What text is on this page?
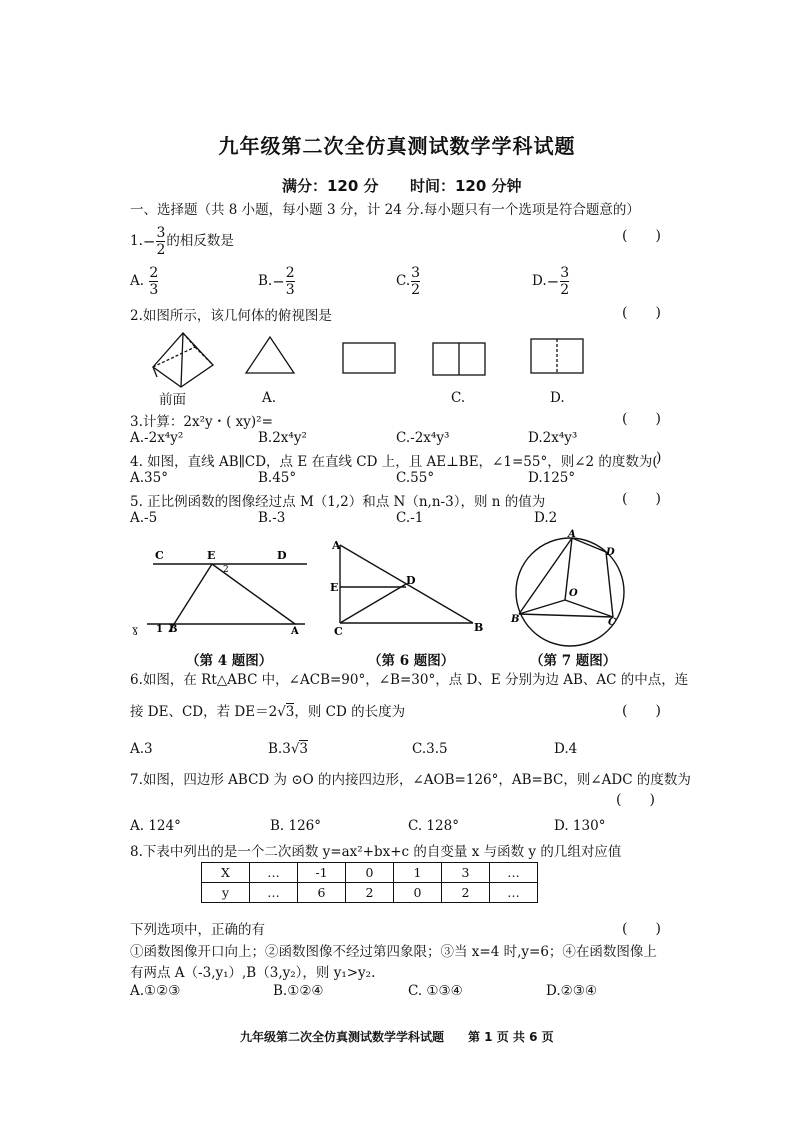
九年级第二次全仿真测试数学学科试题
满分：120 分 时间：120 分钟
一、选择题（共 8 小题，每小题 3 分，计 24 分.每小题只有一个选项是符合题意的）
$1.- \frac{3}{2}$ 的相反数是	(　　)
A. $\frac{2}{3}$	$B.- \frac{2}{3}$	C. $\frac{3}{2}$	$D.- \frac{3}{2}$
2.如图所示，该几何体的俯视图是	(　　)
前面	A.	C.	D.
3.计算：2x²y・( xy)²=	(　　)
A.-2x⁴y²	B.2x⁴y²	C.-2x⁴y³	D.2x⁴y³
4. 如图，直线 AB∥CD，点 E 在直线 CD 上，且 AE⊥BE，∠1=55°，则∠2 的度数为(
)
A.35°	B.45°	C.55°	D.125°
5. 正比例函数的图像经过点 M（1,2）和点 N（n,n-3），则 n 的值为	(　　)
A.-5	B.-3	C.-1	D.2
C	E	D
2
1 B	A
ɣ
（第 4 题图）
A
E
D
C	B
（第 6 题图）
A
D
O
B	C
（第 7 题图）
6.如图，在 Rt△ABC 中，∠ACB=90°，∠B=30°，点 D、E 分别为边 AB、AC 的中点，连
接 DE、CD，若 DE＝2√3，则 CD 的长度为	(　　)
A.3	B.3√3	C.3.5	D.4
7.如图，四边形 ABCD 为 ⊙O 的内接四边形，∠AOB=126°，AB=BC，则∠ADC 的度数为
(　　)
A. 124°	B. 126°	C. 128°	D. 130°
8.下表中列出的是一个二次函数 y=ax²+bx+c 的自变量 x 与函数 y 的几组对应值
X	…	-1	0	1	3	…
y	…	6	2	0	2	…
下列选项中，正确的有	(　　)
①函数图像开口向上；②函数图像不经过第四象限；③当 x=4 时,y=6；④在函数图像上
有两点 A（-3,y₁）,B（3,y₂），则 y₁>y₂.
A.①②③	B.①②④	C. ①③④	D.②③④
九年级第二次全仿真测试数学学科试题　　第 1 页 共 6 页
